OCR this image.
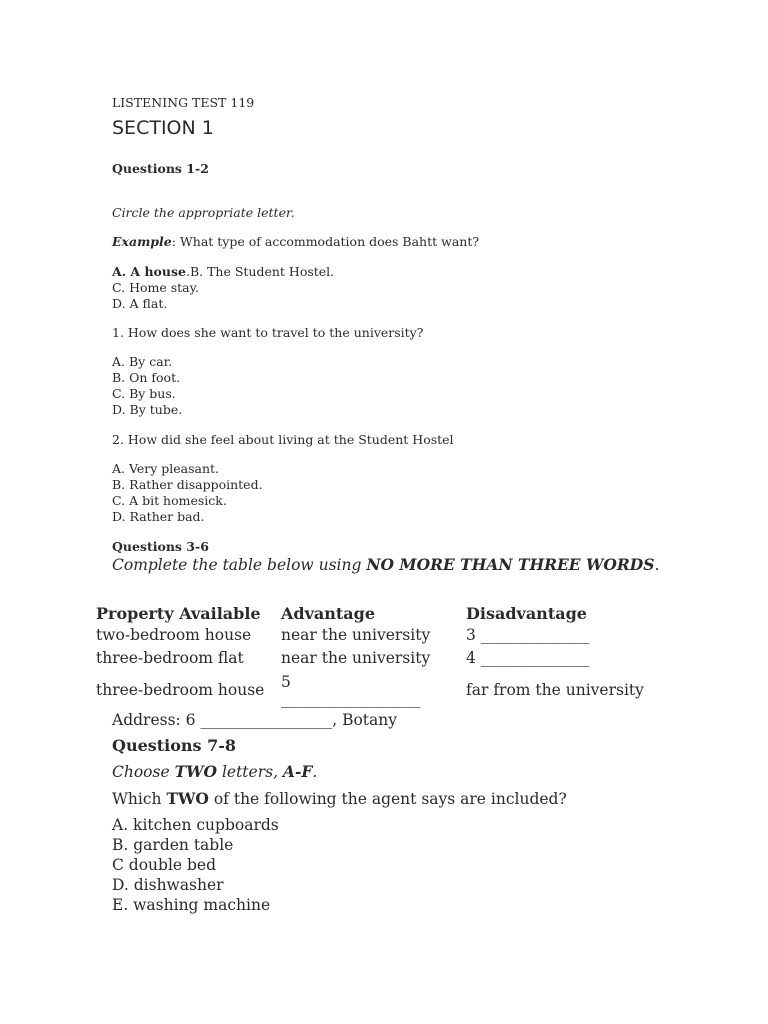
LISTENING TEST 119
SECTION 1
Questions 1-2
Circle the appropriate letter.
Example: What type of accommodation does Bahtt want?
A. A house.B. The Student Hostel.
C. Home stay.
D. A flat.
1. How does she want to travel to the university?
A. By car.
B. On foot.
C. By bus.
D. By tube.
2. How did she feel about living at the Student Hostel
A. Very pleasant.
B. Rather disappointed.
C. A bit homesick.
D. Rather bad.
Questions 3-6
Complete the table below using NO MORE THAN THREE WORDS.
Property Available Advantage	Disadvantage
two-bedroom house near the university 3 ______________
three-bedroom flat near the university 4 ______________
three-bedroom house 5
__________________	far from the university
Address: 6 _________________, Botany
Questions 7-8
Choose TWO letters, A-F.
Which TWO of the following the agent says are included?
A. kitchen cupboards
B. garden table
C double bed
D. dishwasher
E. washing machine
